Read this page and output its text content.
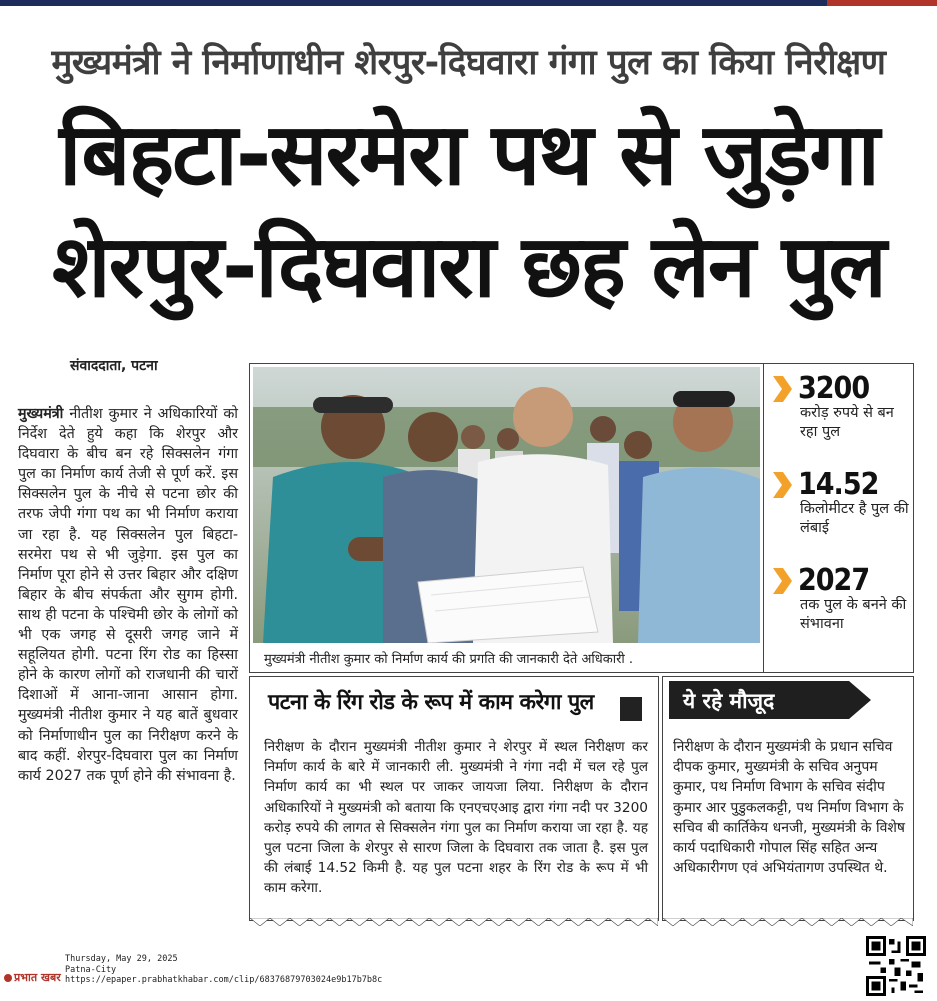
मुख्यमंत्री ने निर्माणाधीन शेरपुर-दिघवारा गंगा पुल का किया निरीक्षण
बिहटा-सरमेरा पथ से जुड़ेगा
शेरपुर-दिघवारा छह लेन पुल
संवाददाता, पटना
मुख्यमंत्री नीतीश कुमार ने अधिकारियों को निर्देश देते हुये कहा कि शेरपुर और दिघवारा के बीच बन रहे सिक्सलेन गंगा पुल का निर्माण कार्य तेजी से पूर्ण करें. इस सिक्सलेन पुल के नीचे से पटना छोर की तरफ जेपी गंगा पथ का भी निर्माण कराया जा रहा है. यह सिक्सलेन पुल बिहटा-सरमेरा पथ से भी जुड़ेगा. इस पुल का निर्माण पूरा होने से उत्तर बिहार और दक्षिण बिहार के बीच संपर्कता और सुगम होगी. साथ ही पटना के पश्चिमी छोर के लोगों को भी एक जगह से दूसरी जगह जाने में सहूलियत होगी. पटना रिंग रोड का हिस्सा होने के कारण लोगों को राजधानी की चारों दिशाओं में आना-जाना आसान होगा. मुख्यमंत्री नीतीश कुमार ने यह बातें बुधवार को निर्माणाधीन पुल का निरीक्षण करने के बाद कहीं. शेरपुर-दिघवारा पुल का निर्माण कार्य 2027 तक पूर्ण होने की संभावना है.
मुख्यमंत्री नीतीश कुमार को निर्माण कार्य की प्रगति की जानकारी देते अधिकारी .
3200
करोड़ रुपये से बन रहा पुल
14.52
किलोमीटर है पुल की लंबाई
2027
तक पुल के बनने की संभावना
पटना के रिंग रोड के रूप में काम करेगा पुल
निरीक्षण के दौरान मुख्यमंत्री नीतीश कुमार ने शेरपुर में स्थल निरीक्षण कर निर्माण कार्य के बारे में जानकारी ली. मुख्यमंत्री ने गंगा नदी में चल रहे पुल निर्माण कार्य का भी स्थल पर जाकर जायजा लिया. निरीक्षण के दौरान अधिकारियों ने मुख्यमंत्री को बताया कि एनएचएआइ द्वारा गंगा नदी पर 3200 करोड़ रुपये की लागत से सिक्सलेन गंगा पुल का निर्माण कराया जा रहा है. यह पुल पटना जिला के शेरपुर से सारण जिला के दिघवारा तक जाता है. इस पुल की लंबाई 14.52 किमी है. यह पुल पटना शहर के रिंग रोड के रूप में भी काम करेगा.
ये रहे मौजूद
निरीक्षण के दौरान मुख्यमंत्री के प्रधान सचिव दीपक कुमार, मुख्यमंत्री के सचिव अनुपम कुमार, पथ निर्माण विभाग के सचिव संदीप कुमार आर पुडुकलकट्टी, पथ निर्माण विभाग के सचिव बी कार्तिकेय धनजी, मुख्यमंत्री के विशेष कार्य पदाधिकारी गोपाल सिंह सहित अन्य अधिकारीगण एवं अभियंतागण उपस्थित थे.
प्रभात खबर
Thursday, May 29, 2025
Patna-City
https://epaper.prabhatkhabar.com/clip/68376879703024e9b17b7b8c
